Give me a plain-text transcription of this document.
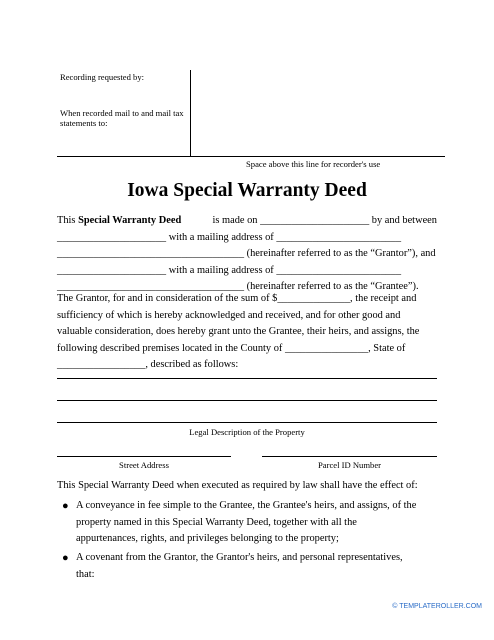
Recording requested by:
When recorded mail to and mail tax
statements to:
Space above this line for recorder's use
Iowa Special Warranty Deed
This Special Warranty Deed	is made on _____________________ by and between
_____________________ with a mailing address of ________________________
____________________________________ (hereinafter referred to as the “Grantor”), and
_____________________ with a mailing address of ________________________
____________________________________ (hereinafter referred to as the “Grantee”).
The Grantor, for and in consideration of the sum of $______________, the receipt and
sufficiency of which is hereby acknowledged and received, and for other good and
valuable consideration, does hereby grant unto the Grantee, their heirs, and assigns, the
following described premises located in the County of ________________, State of
_________________, described as follows:
Legal Description of the Property
Street Address	Parcel ID Number
This Special Warranty Deed when executed as required by law shall have the effect of:
● A conveyance in fee simple to the Grantee, the Grantee's heirs, and assigns, of the
property named in this Special Warranty Deed, together with all the
appurtenances, rights, and privileges belonging to the property;
● A covenant from the Grantor, the Grantor's heirs, and personal representatives,
that:
© TEMPLATEROLLER.COM
